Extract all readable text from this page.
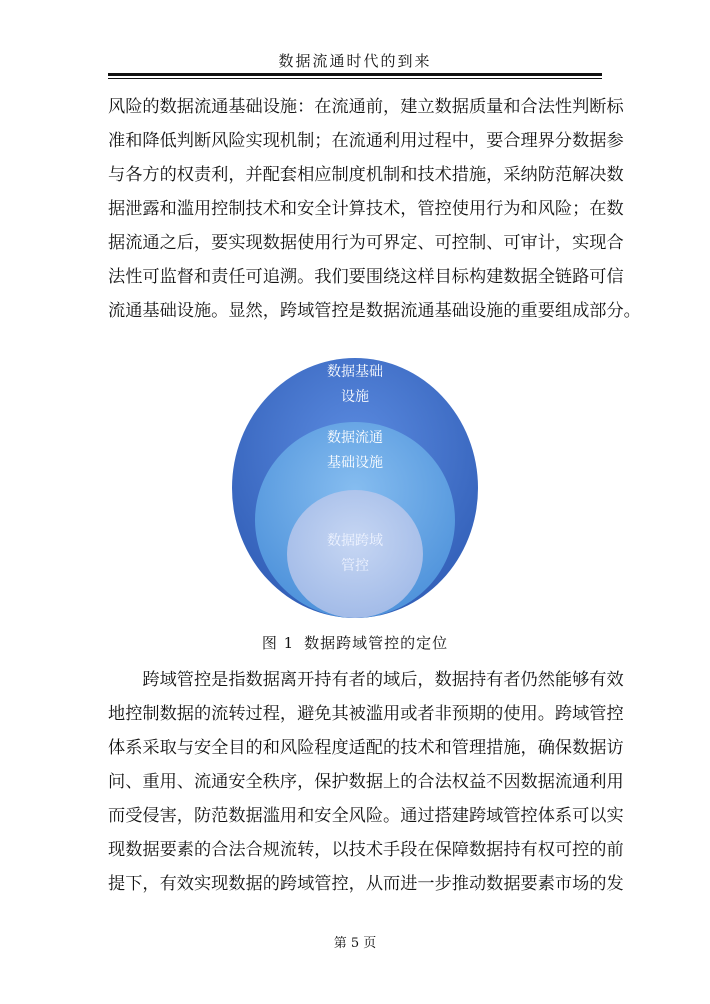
数据流通时代的到来
风险的数据流通基础设施：在流通前，建立数据质量和合法性判断标
准和降低判断风险实现机制；在流通利用过程中，要合理界分数据参
与各方的权责利，并配套相应制度机制和技术措施，采纳防范解决数
据泄露和滥用控制技术和安全计算技术，管控使用行为和风险；在数
据流通之后，要实现数据使用行为可界定、可控制、可审计，实现合
法性可监督和责任可追溯。我们要围绕这样目标构建数据全链路可信
流通基础设施。显然，跨域管控是数据流通基础设施的重要组成部分。
数据基础
设施
数据流通
基础设施
数据跨域
管控
图 1 数据跨域管控的定位
　　跨域管控是指数据离开持有者的域后，数据持有者仍然能够有效
地控制数据的流转过程，避免其被滥用或者非预期的使用。跨域管控
体系采取与安全目的和风险程度适配的技术和管理措施，确保数据访
问、重用、流通安全秩序，保护数据上的合法权益不因数据流通利用
而受侵害，防范数据滥用和安全风险。通过搭建跨域管控体系可以实
现数据要素的合法合规流转，以技术手段在保障数据持有权可控的前
提下，有效实现数据的跨域管控，从而进一步推动数据要素市场的发
第 5 页
